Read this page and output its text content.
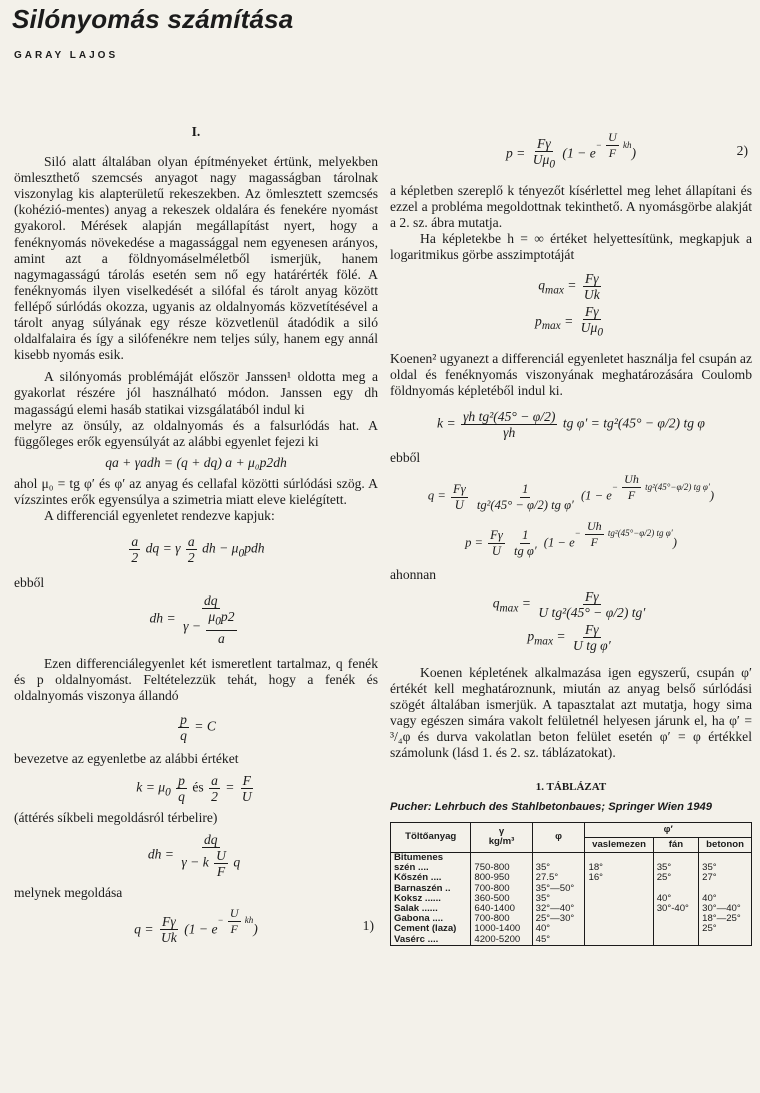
Silónyomás számítása
GARAY LAJOS
I.

Siló alatt általában olyan építményeket értünk, melyekben ömleszthető szemcsés anyagot nagy magasságban tárolnak viszonylag kis alapterületű rekeszekben. Az ömlesztett szemcsés (kohézió-mentes) anyag a rekeszek oldalára és fenekére nyomást gyakorol. Mérések alapján megállapítást nyert, hogy a fenéknyomás növekedése a magassággal nem egyenesen arányos, amint azt a földnyomáselméletből ismerjük, hanem nagymagasságú tárolás esetén sem nő egy határérték fölé. A fenéknyomás ilyen viselkedését a silófal és tárolt anyag között fellépő súrlódás okozza, ugyanis az oldalnyomás közvetítésével a tárolt anyag súlyának egy része közvetlenül átadódik a siló oldalfalaira és így a silófenékre nem teljes súly, hanem egy annál kisebb nyomás esik.

A silónyomás problémáját először Janssen¹ oldotta meg a gyakorlat részére jól használható módon. Janssen egy dh magasságú elemi hasáb statikai vizsgálatából indul ki

melyre az önsúly, az oldalnyomás és a falsurlódás hat. A függőleges erők egyensúlyát az alábbi egyenlet fejezi ki

qa + γadh = (q + dq) a + μ₀p2dh

ahol μ₀ = tg φ′ és φ′ az anyag és cellafal közötti súrlódási szög. A vízszintes erők egyensúlya a szimetria miatt eleve kielégített.

A differenciál egyenletet rendezve kapjuk:

$\frac{a}{2}$ dq = γ $\frac{a}{2}$ dh − $\mu_0pdh$

ebből

dh = $\frac{dq}{\gamma - \frac{\mu_0p2}{a}}$

Ezen differenciálegyenlet két ismeretlent tartalmaz, q fenék és p oldalnyomást. Feltételezzük tehát, hogy a fenék és oldalnyomás viszonya állandó

$\frac{p}{q} = C$

bevezetve az egyenletbe az alábbi értéket

$k = \mu_0 \frac{p}{q}$ és $\frac{a}{2} = \frac{F}{U}$

(áttérés síkbeli megoldásról térbelire)

dh = $\frac{dq}{\gamma - k \frac{U}{F} q}$

melynek megoldása

$q = \frac{F\gamma}{Uk} (1 - e^{- \frac{U}{F} kh})$	1)
$p = \frac{F\gamma}{U\mu_0} (1 - e^{- \frac{U}{F} kh})$	2)

a képletben szereplő k tényezőt kísérlettel meg lehet állapítani és ezzel a probléma megoldottnak tekinthető. A nyomásgörbe alakját a 2. sz. ábra mutatja.

Ha képletekbe h = ∞ értéket helyettesítünk, megkapjuk a logaritmikus görbe asszimptotáját

$q_{max} = \frac{F\gamma}{Uk}$
$p_{max} = \frac{F\gamma}{U\mu_0}$

Koenen² ugyanezt a differenciál egyenletet használja fel csupán az oldal és fenéknyomás viszonyának meghatározására Coulomb földnyomás képletéből indul ki.

$k = \frac{\text{γh tg²(45° − φ/2)}}{\gamma h}$ tg φ′ = tg²(45° − φ/2) tg φ

ebből

$q = \frac{F\gamma}{U}$
$\frac{1}{\text{tg²(45° − φ/2) tg φ′}} (1 - e^{- \frac{Uh}{F} tg^2(45^\circ-\varphi/2) tg \varphi'})$
$p = \frac{F\gamma}{U}$
$\frac{1}{\text{tg φ′}} (1 - e^{- \frac{Uh}{F} tg^2(45^\circ-\varphi/2) tg \varphi'})$

ahonnan

$q_{max} = \frac{F\gamma}{\text{U tg²(45° − φ/2) tg′}}$
$p_{max} = \frac{F\gamma}{\text{U tg φ′}}$

Koenen képletének alkalmazása igen egyszerű, csupán φ′ értékét kell meghatároznunk, miután az anyag belső súrlódási szögét általában ismerjük. A tapasztalat azt mutatja, hogy sima vagy egészen simára vakolt felületnél helyesen járunk el, ha φ′ = ³/₄φ és durva vakolatlan beton felület esetén φ′ = φ értékkel számolunk (lásd 1. és 2. sz. táblázatokat).

1. TÁBLÁZAT
Pucher: Lehrbuch des Stahlbetonbaues; Springer Wien 1949
Töltőanyag	γ
kg/m³	φ	φ′		
			vaslemezen	fán	betonon
Bitumenes					
szén ....	750-800	35°	18°	35°	35°
Kőszén ....	800-950	27.5°	16°	25°	27°
Barnaszén ..	700-800	35°—50°			
Koksz ......	360-500	35°		40°	40°
Salak ......	640-1400	32°—40°		30°-40°	30°—40°
Gabona ....	700-800	25°—30°			18°—25°
Cement (laza)	1000-1400	40°			25°
Vasérc ....	4200-5200	45°			
